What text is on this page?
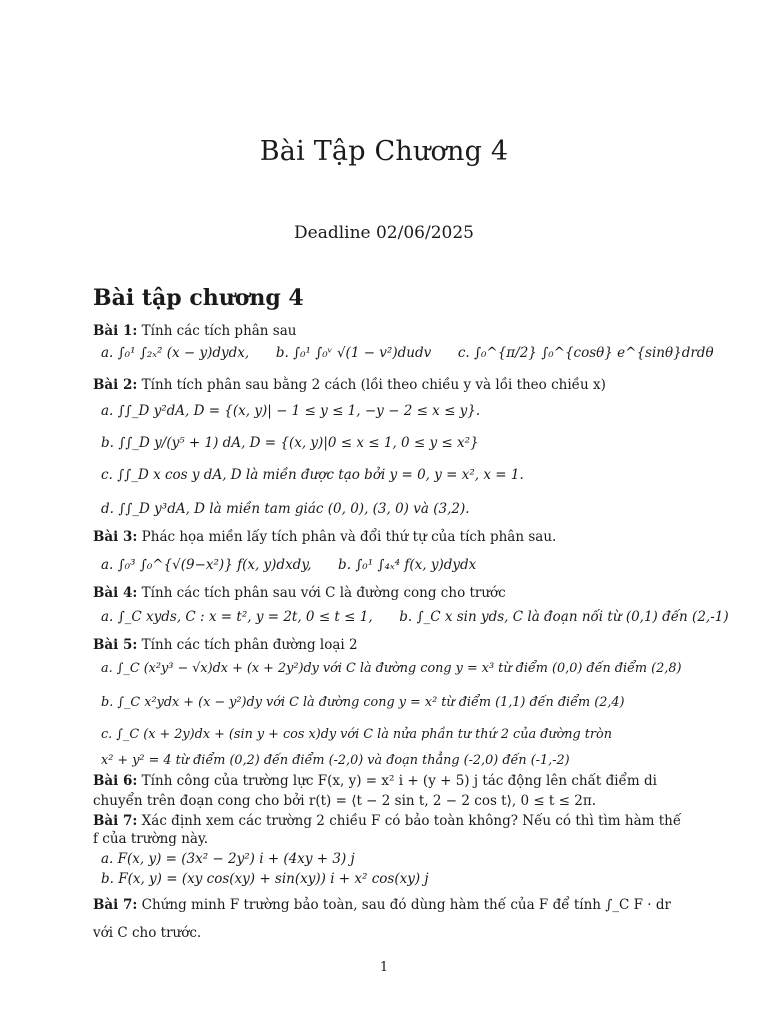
Bài Tập Chương 4
Deadline 02/06/2025
Bài tập chương 4
Bài 1: Tính các tích phân sau
a. ∫₀¹ ∫₂ₓ² (x − y)dydx, b. ∫₀¹ ∫₀ᵛ √(1 − v²)dudv c. ∫₀^{π/2} ∫₀^{cosθ} e^{sinθ}drdθ
Bài 2: Tính tích phân sau bằng 2 cách (lồi theo chiều y và lồi theo chiều x)
a. ∫∫_D y²dA, D = {(x, y)| − 1 ≤ y ≤ 1, −y − 2 ≤ x ≤ y}.
b. ∫∫_D y/(y⁵ + 1) dA, D = {(x, y)|0 ≤ x ≤ 1, 0 ≤ y ≤ x²}
c. ∫∫_D x cos y dA, D là miền được tạo bởi y = 0, y = x², x = 1.
d. ∫∫_D y³dA, D là miền tam giác (0, 0), (3, 0) và (3,2).
Bài 3: Phác họa miền lấy tích phân và đổi thứ tự của tích phân sau.
a. ∫₀³ ∫₀^{√(9−x²)} f(x, y)dxdy, b. ∫₀¹ ∫₄ₓ⁴ f(x, y)dydx
Bài 4: Tính các tích phân sau với C là đường cong cho trước
a. ∫_C xyds, C : x = t², y = 2t, 0 ≤ t ≤ 1, b. ∫_C x sin yds, C là đoạn nối từ (0,1) đến (2,-1)
Bài 5: Tính các tích phân đường loại 2
a. ∫_C (x²y³ − √x)dx + (x + 2y²)dy với C là đường cong y = x³ từ điểm (0,0) đến điểm (2,8)
b. ∫_C x²ydx + (x − y²)dy với C là đường cong y = x² từ điểm (1,1) đến điểm (2,4)
c. ∫_C (x + 2y)dx + (sin y + cos x)dy với C là nửa phần tư thứ 2 của đường tròn
x² + y² = 4 từ điểm (0,2) đến điểm (-2,0) và đoạn thẳng (-2,0) đến (-1,-2)
Bài 6: Tính công của trường lực F(x, y) = x² i + (y + 5) j tác động lên chất điểm di
chuyển trên đoạn cong cho bởi r(t) = ⟨t − 2 sin t, 2 − 2 cos t⟩, 0 ≤ t ≤ 2π.
Bài 7: Xác định xem các trường 2 chiều F có bảo toàn không? Nếu có thì tìm hàm thế
f của trường này.
a. F(x, y) = (3x² − 2y²) i + (4xy + 3) j
b. F(x, y) = (xy cos(xy) + sin(xy)) i + x² cos(xy) j
Bài 7: Chứng minh F trường bảo toàn, sau đó dùng hàm thế của F để tính ∫_C F · dr
với C cho trước.
1
